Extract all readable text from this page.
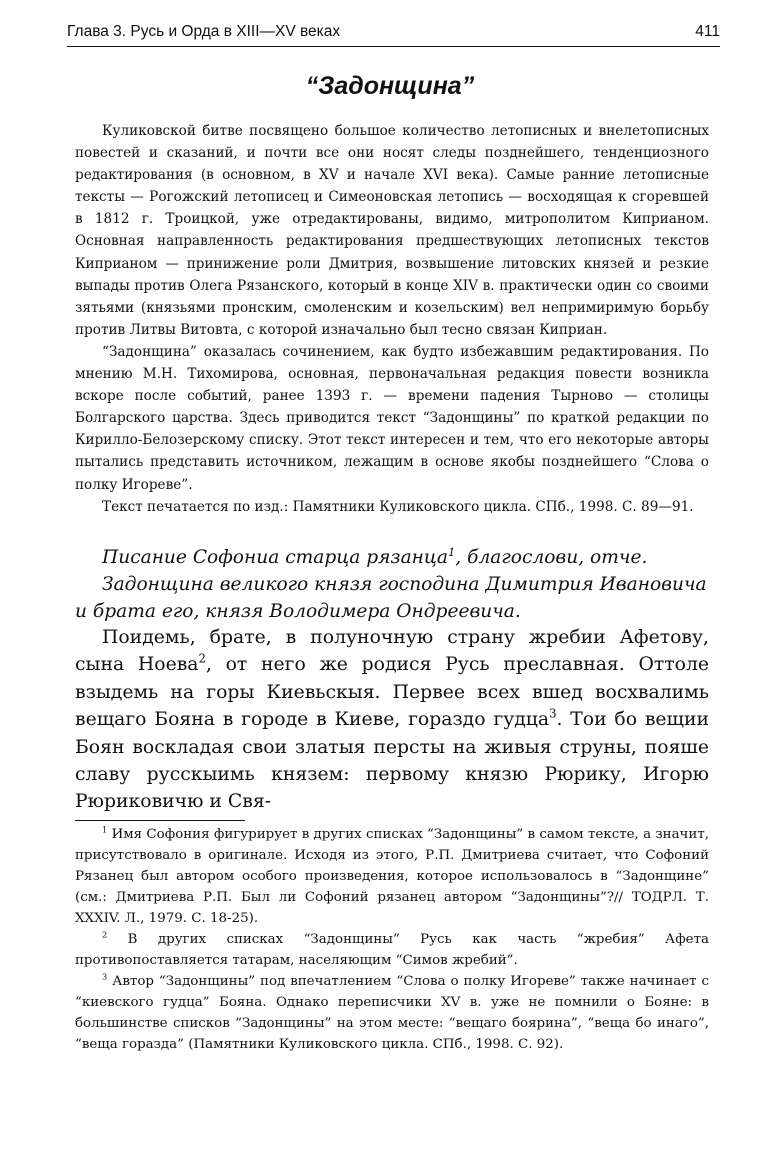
Глава 3. Русь и Орда в XIII—XV веках	411
“Задонщина”

Куликовской битве посвящено большое количество летописных и внелетописных повестей и сказаний, и почти все они носят следы позднейшего, тенденциозного редактирования (в основном, в XV и начале XVI века). Самые ранние летописные тексты — Рогожский летописец и Симеоновская летопись — восходящая к сгоревшей в 1812 г. Троицкой, уже отредактированы, видимо, митрополитом Киприаном. Основная направленность редактирования предшествующих летописных текстов Киприаном — принижение роли Дмитрия, возвышение литовских князей и резкие выпады против Олега Рязанского, который в конце XIV в. практически один со своими зятьями (князьями пронским, смоленским и козельским) вел непримиримую борьбу против Литвы Витовта, с которой изначально был тесно связан Киприан.

“Задонщина” оказалась сочинением, как будто избежавшим редактирования. По мнению М.Н. Тихомирова, основная, первоначальная редакция повести возникла вскоре после событий, ранее 1393 г. — времени падения Тырново — столицы Болгарского царства. Здесь приводится текст “Задонщины” по краткой редакции по Кирилло-Белозерскому списку. Этот текст интересен и тем, что его некоторые авторы пытались представить источником, лежащим в основе якобы позднейшего “Слова о полку Игореве”.

Текст печатается по изд.: Памятники Куликовского цикла. СПб., 1998. С. 89—91.

Писание Софониа старца рязанца$^1$, благослови, отче.
Задонщина великого князя господина Димитрия Ивановича
и брата его, князя Володимера Ондреевича.

Поидемь, брате, в полуночную страну жребии Афетову, сына Ноева$^2$, от него же родися Русь преславная. Оттоле взыдемь на горы Киевьскыя. Первее всех вшед восхвалимь вещаго Бояна в городе в Киеве, гораздо гудца$^3$. Тои бо вещии Боян воскладая свои златыя персты на живыя струны, пояше славу русскыимь князем: первому князю Рюрику, Игорю Рюриковичю и Свя-

$^1$ Имя Софония фигурирует в других списках “Задонщины” в самом тексте, а значит, присутствовало в оригинале. Исходя из этого, Р.П. Дмитриева считает, что Софоний Рязанец был автором особого произведения, которое использовалось в “Задонщине” (см.: Дмитриева Р.П. Был ли Софоний рязанец автором “Задонщины”?// ТОДРЛ. Т. XXXIV. Л., 1979. С. 18-25).

$^2$ В других списках “Задонщины” Русь как часть “жребия” Афета противопоставляется татарам, населяющим “Симов жребий”.

$^3$ Автор “Задонщины” под впечатлением “Слова о полку Игореве” также начинает с “киевского гудца” Бояна. Однако переписчики XV в. уже не помнили о Бояне: в большинстве списков “Задонщины” на этом месте: “вещаго боярина”, “веща бо инаго”, “веща горазда” (Памятники Куликовского цикла. СПб., 1998. С. 92).
